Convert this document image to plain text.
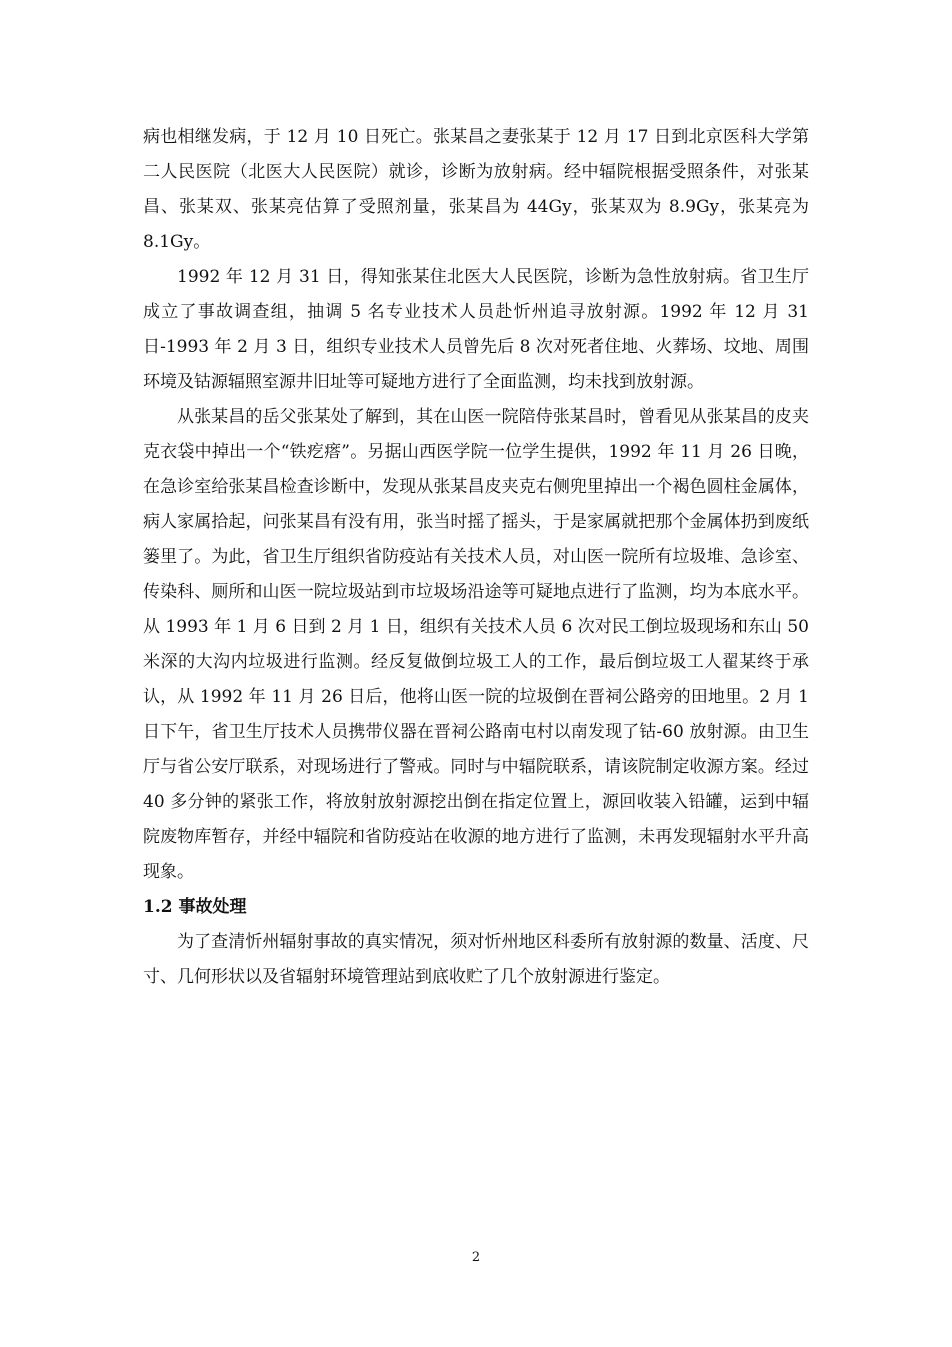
病也相继发病，于 12 月 10 日死亡。张某昌之妻张某于 12 月 17 日到北京医科大学第二人民医院（北医大人民医院）就诊，诊断为放射病。经中辐院根据受照条件，对张某昌、张某双、张某亮估算了受照剂量，张某昌为 44Gy，张某双为 8.9Gy，张某亮为 8.1Gy。

1992 年 12 月 31 日，得知张某住北医大人民医院，诊断为急性放射病。省卫生厅成立了事故调查组，抽调 5 名专业技术人员赴忻州追寻放射源。1992 年 12 月 31 日-1993 年 2 月 3 日，组织专业技术人员曾先后 8 次对死者住地、火葬场、坟地、周围环境及钴源辐照室源井旧址等可疑地方进行了全面监测，均未找到放射源。

从张某昌的岳父张某处了解到，其在山医一院陪侍张某昌时，曾看见从张某昌的皮夹克衣袋中掉出一个“铁疙瘩”。另据山西医学院一位学生提供，1992 年 11 月 26 日晚，在急诊室给张某昌检查诊断中，发现从张某昌皮夹克右侧兜里掉出一个褐色圆柱金属体，病人家属拾起，问张某昌有没有用，张当时摇了摇头，于是家属就把那个金属体扔到废纸篓里了。为此，省卫生厅组织省防疫站有关技术人员，对山医一院所有垃圾堆、急诊室、传染科、厕所和山医一院垃圾站到市垃圾场沿途等可疑地点进行了监测，均为本底水平。从 1993 年 1 月 6 日到 2 月 1 日，组织有关技术人员 6 次对民工倒垃圾现场和东山 50 米深的大沟内垃圾进行监测。经反复做倒垃圾工人的工作，最后倒垃圾工人翟某终于承认，从 1992 年 11 月 26 日后，他将山医一院的垃圾倒在晋祠公路旁的田地里。2 月 1 日下午，省卫生厅技术人员携带仪器在晋祠公路南屯村以南发现了钴-60 放射源。由卫生厅与省公安厅联系，对现场进行了警戒。同时与中辐院联系，请该院制定收源方案。经过 40 多分钟的紧张工作，将放射放射源挖出倒在指定位置上，源回收装入铅罐，运到中辐院废物库暂存，并经中辐院和省防疫站在收源的地方进行了监测，未再发现辐射水平升高现象。

1.2 事故处理

为了查清忻州辐射事故的真实情况，须对忻州地区科委所有放射源的数量、活度、尺寸、几何形状以及省辐射环境管理站到底收贮了几个放射源进行鉴定。

2
